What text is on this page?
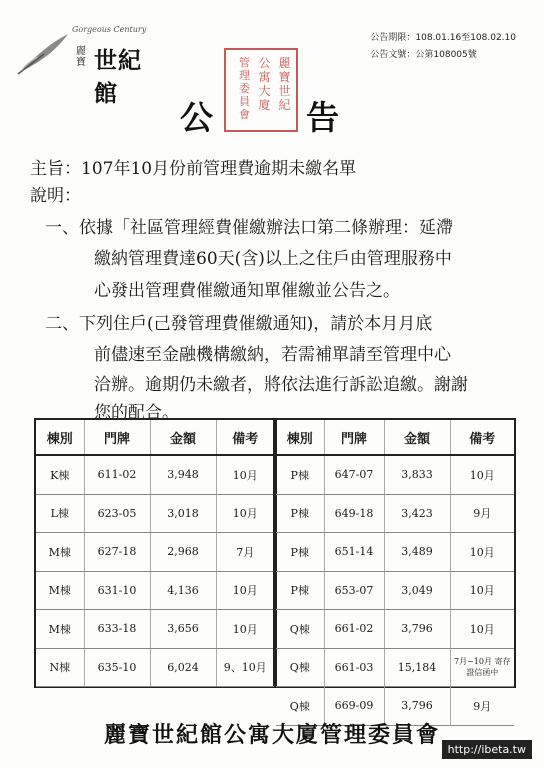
Gorgeous Century
麗寶 世紀館
公告期限：108.01.16至108.02.10
公告文號：公第108005號
麗寶世紀
公寓大廈
管理委員會
公	告
主旨：107年10月份前管理費逾期未繳名單
說明：
一、依據「社區管理經費催繳辦法口第二條辦理：延滯
繳納管理費達60天(含)以上之住戶由管理服務中
心發出管理費催繳通知單催繳並公告之。
二、下列住戶(己發管理費催繳通知)，請於本月月底
前儘速至金融機構繳納，若需補單請至管理中心
洽辦。逾期仍未繳者，將依法進行訴訟追繳。謝謝
您的配合。
棟別	門牌	金額	備考
K棟	611-02	3,948	10月
L棟	623-05	3,018	10月
M棟	627-18	2,968	7月
M棟	631-10	4,136	10月
M棟	633-18	3,656	10月
N棟	635-10	6,024	9、10月
棟別	門牌	金額	備考
P棟	647-07	3,833	10月
P棟	649-18	3,423	9月
P棟	651-14	3,489	10月
P棟	653-07	3,049	10月
Q棟	661-02	3,796	10月
Q棟	661-03	15,184	7月~10月 寄存證信函中
Q棟	669-09	3,796	9月
麗寶世紀館公寓大廈管理委員會
http://ibeta.tw
